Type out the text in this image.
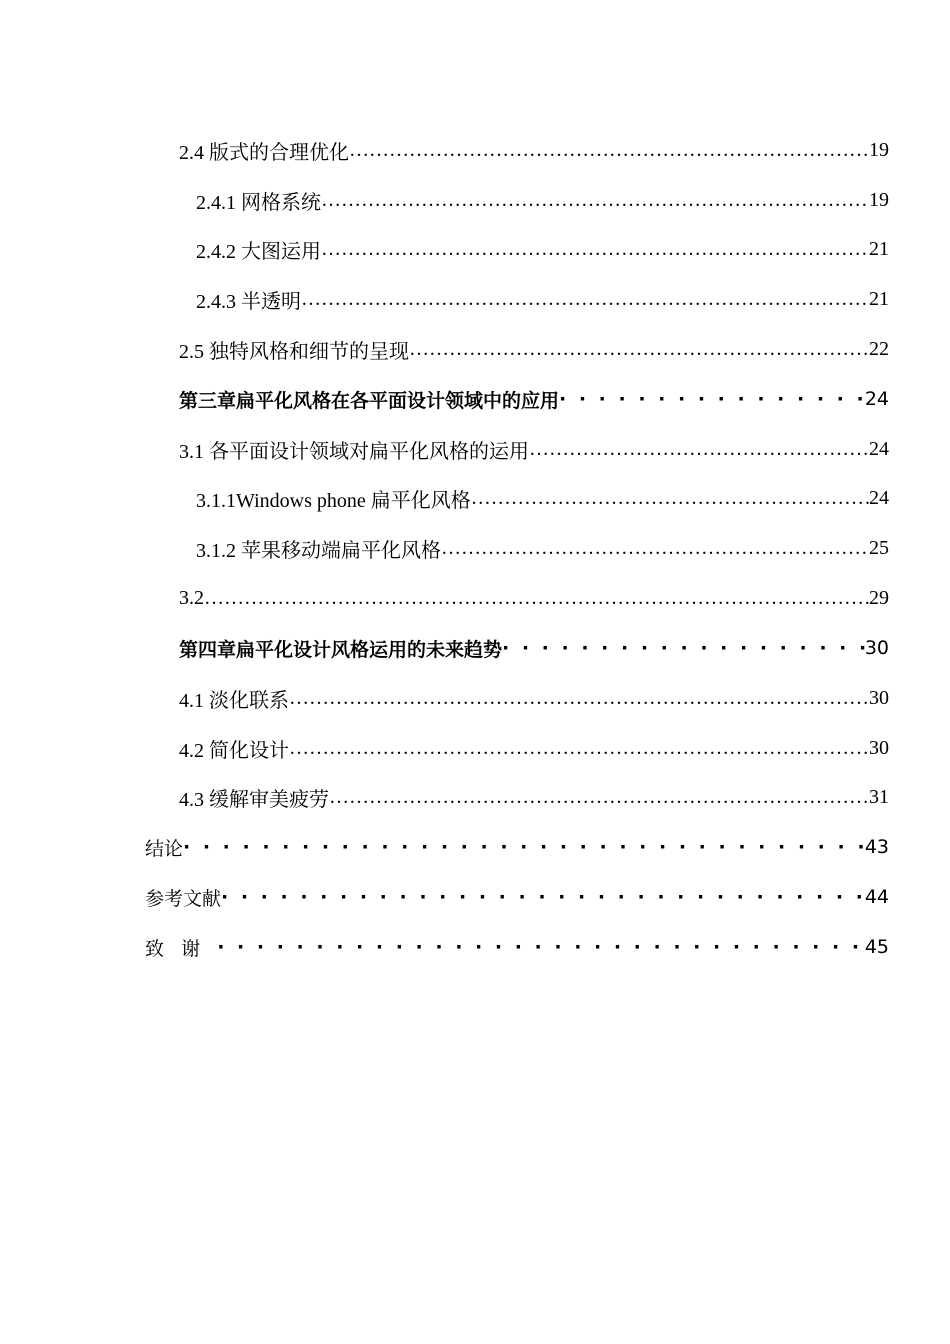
2.4 版式的合理优化 …………………………………………………………………………………………………………………………………………………………………………………………………………	19
2.4.1 网格系统 …………………………………………………………………………………………………………………………………………………………………………………………………………	19
2.4.2 大图运用 …………………………………………………………………………………………………………………………………………………………………………………………………………	21
2.4.3 半透明 …………………………………………………………………………………………………………………………………………………………………………………………………………	21
2.5 独特风格和细节的呈现 …………………………………………………………………………………………………………………………………………………………………………………………………………	22
第三章扁平化风格在各平面设计领域中的应用 · · ·	24
3.1 各平面设计领域对扁平化风格的运用 …………………………………………………………………………………………………………………………………………………………………………………………………………	24
3.1.1Windows phone 扁平化风格 …………………………………………………………………………………………………………………………………………………………………………………………………………	24
3.1.2 苹果移动端扁平化风格 …………………………………………………………………………………………………………………………………………………………………………………………………………	25
3.2 …………………………………………………………………………………………………………………………………………………………………………………………………………	29
第四章扁平化设计风格运用的未来趋势 · · ·	30
4.1 淡化联系 …………………………………………………………………………………………………………………………………………………………………………………………………………	30
4.2 简化设计 …………………………………………………………………………………………………………………………………………………………………………………………………………	30
4.3 缓解审美疲劳 …………………………………………………………………………………………………………………………………………………………………………………………………………	31
结论 · · ·	43
参考文献 · · ·	44
致谢 · · ·	45
